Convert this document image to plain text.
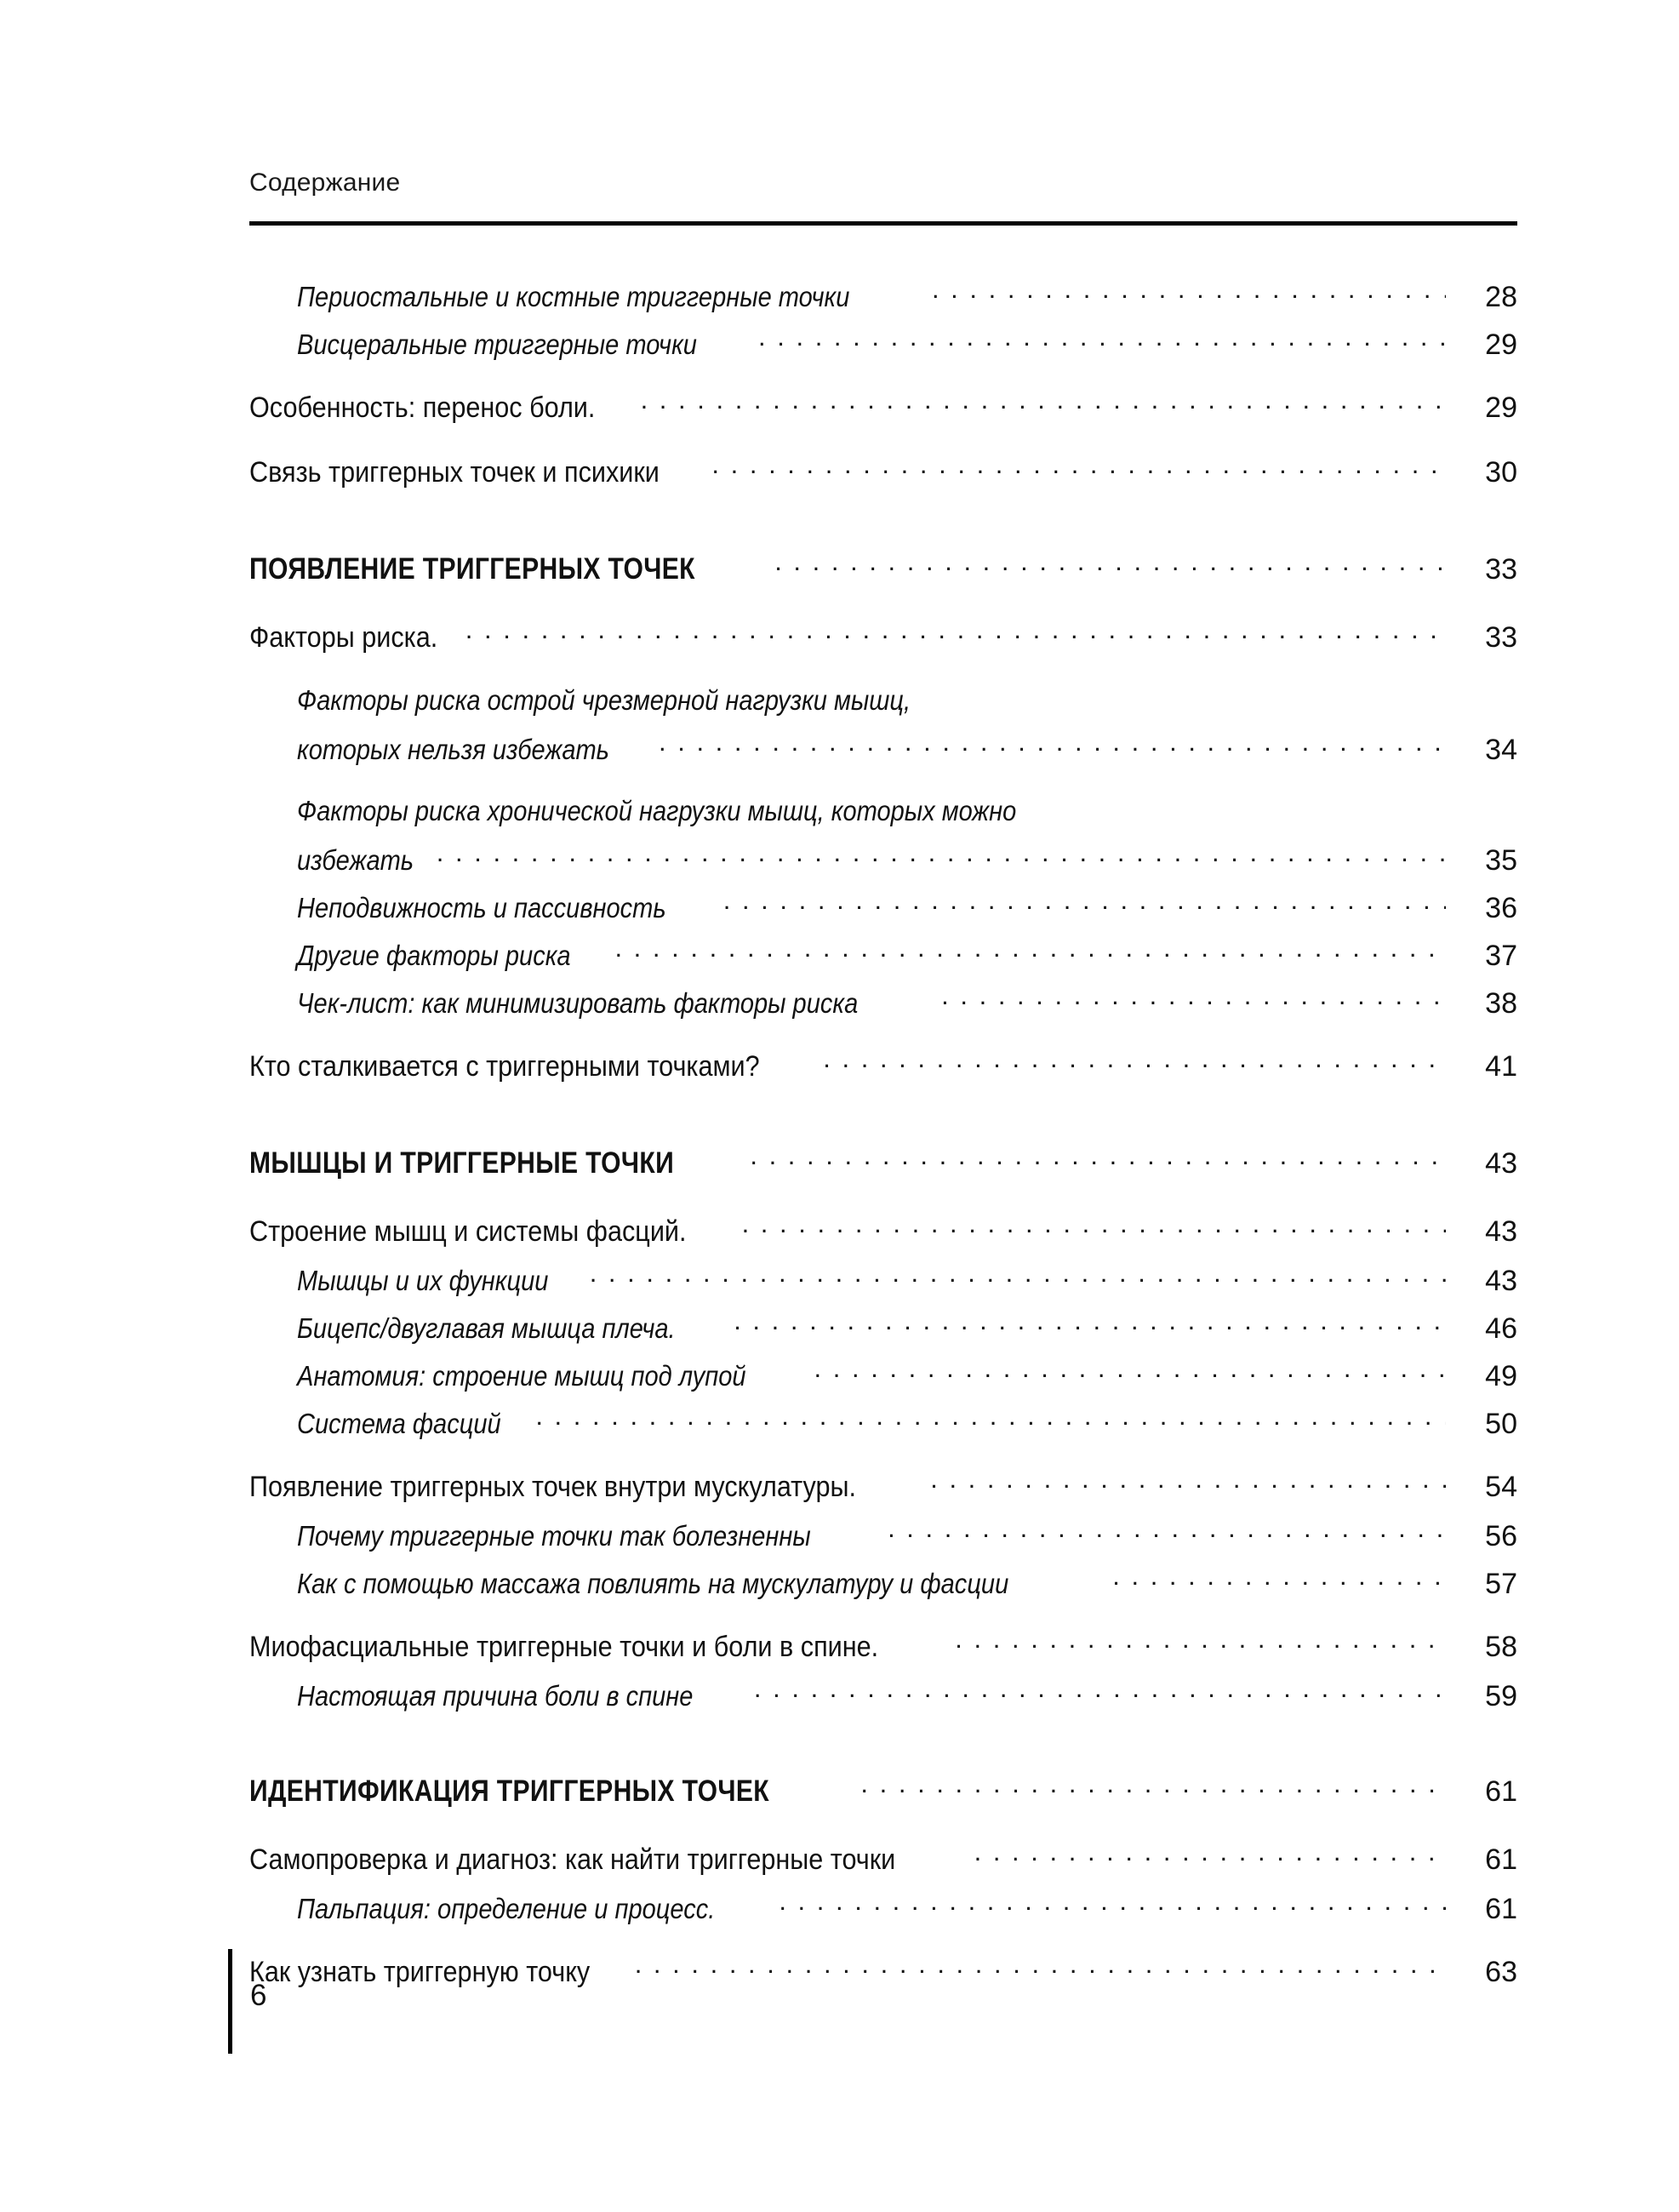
Содержание
Периостальные и костные триггерные точки . . .	28
Висцеральные триггерные точки . . .	29
Особенность: перенос боли. . . .	29
Связь триггерных точек и психики . . .	30
ПОЯВЛЕНИЕ ТРИГГЕРНЫХ ТОЧЕК . . .	33
Факторы риска. . . .	33
Факторы риска острой чрезмерной нагрузки мышц,
которых нельзя избежать . . .	34
Факторы риска хронической нагрузки мышц, которых можно
избежать . . .	35
Неподвижность и пассивность . . .	36
Другие факторы риска . . .	37
Чек-лист: как минимизировать факторы риска . . .	38
Кто сталкивается с триггерными точками? . . .	41
МЫШЦЫ И ТРИГГЕРНЫЕ ТОЧКИ . . .	43
Строение мышц и системы фасций. . . .	43
Мышцы и их функции . . .	43
Бицепс/двуглавая мышца плеча. . . .	46
Анатомия: строение мышц под лупой . . .	49
Система фасций . . .	50
Появление триггерных точек внутри мускулатуры. . . .	54
Почему триггерные точки так болезненны . . .	56
Как с помощью массажа повлиять на мускулатуру и фасции . . .	57
Миофасциальные триггерные точки и боли в спине. . . .	58
Настоящая причина боли в спине . . .	59
ИДЕНТИФИКАЦИЯ ТРИГГЕРНЫХ ТОЧЕК . . .	61
Самопроверка и диагноз: как найти триггерные точки . . .	61
Пальпация: определение и процесс. . . .	61
Как узнать триггерную точку . . .	63
6
